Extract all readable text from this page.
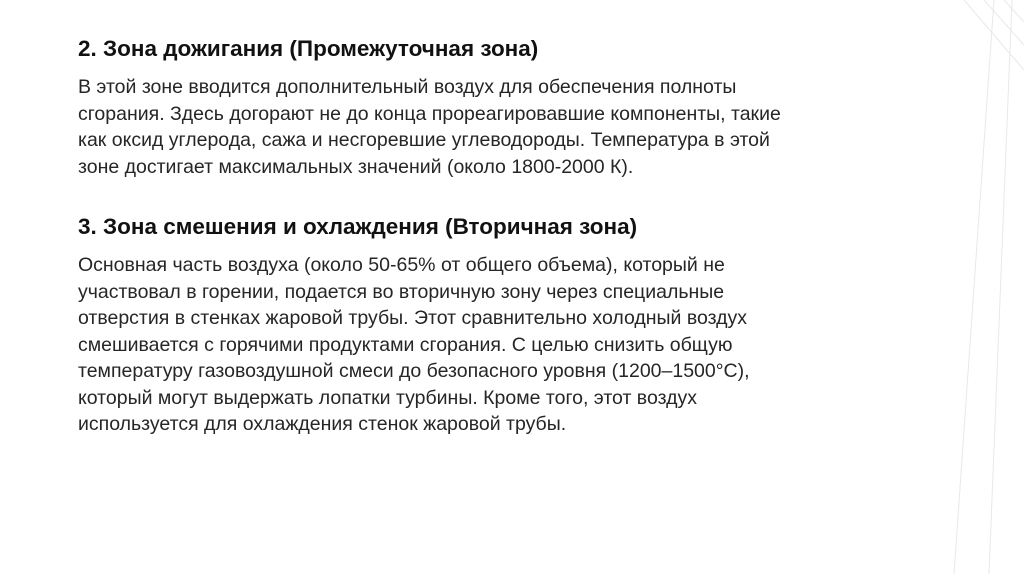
2. Зона дожигания (Промежуточная зона)

В этой зоне вводится дополнительный воздух для обеспечения полноты
сгорания. Здесь догорают не до конца прореагировавшие компоненты, такие
как оксид углерода, сажа и несгоревшие углеводороды. Температура в этой
зоне достигает максимальных значений (около 1800-2000 К).

3. Зона смешения и охлаждения (Вторичная зона)

Основная часть воздуха (около 50-65% от общего объема), который не
участвовал в горении, подается во вторичную зону через специальные
отверстия в стенках жаровой трубы. Этот сравнительно холодный воздух
смешивается с горячими продуктами сгорания. С целью снизить общую
температуру газовоздушной смеси до безопасного уровня (1200–1500°С),
который могут выдержать лопатки турбины. Кроме того, этот воздух
используется для охлаждения стенок жаровой трубы.
